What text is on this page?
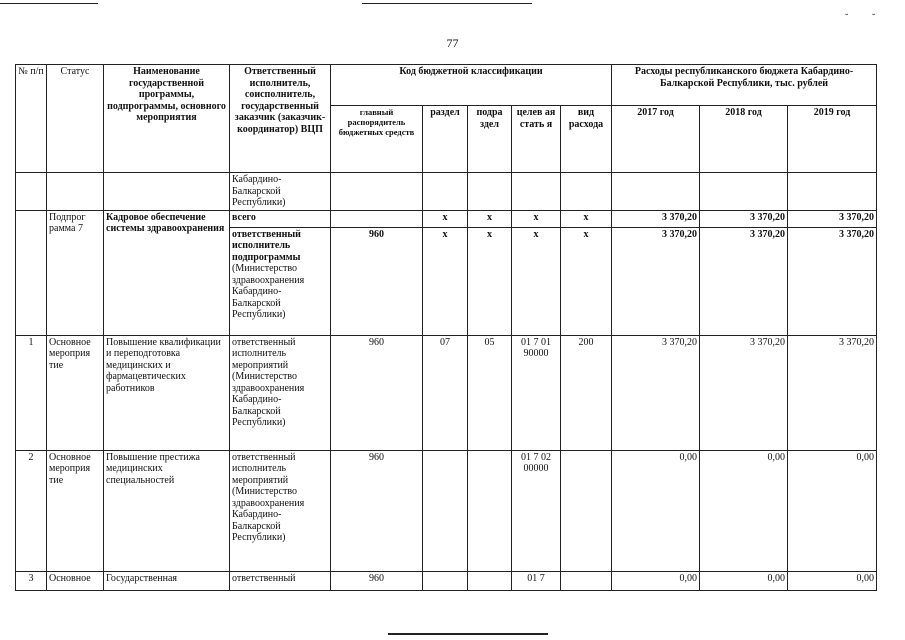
˘ ˘
77
№ п/п	Статус	Наименование государственной программы, подпрограммы, основного мероприятия	Ответственный исполнитель, соисполнитель, государственный заказчик (заказчик-координатор) ВЦП	Код бюджетной классификации					Расходы республиканского бюджета Кабардино-Балкарской Республики, тыс. рублей		
				главный распорядитель бюджетных средств	раздел	подра здел	целев ая стать я	вид расхода	2017 год	2018 год	2019 год
			Кабардино-Балкарской Республики)								
	Подпрог рамма 7	Кадровое обеспечение системы здравоохранения	всего		x	x	x	x	3 370,20	3 370,20	3 370,20
			ответственный исполнитель подпрограммы (Министерство здравоохранения Кабардино-Балкарской Республики)	960	x	x	x	x	3 370,20	3 370,20	3 370,20
1	Основное мероприя тие	Повышение квалификации и переподготовка медицинских и фармацевтических работников	ответственный исполнитель мероприятий (Министерство здравоохранения Кабардино-Балкарской Республики)	960	07	05	01 7 01 90000	200	3 370,20	3 370,20	3 370,20
2	Основное мероприя тие	Повышение престижа медицинских специальностей	ответственный исполнитель мероприятий (Министерство здравоохранения Кабардино-Балкарской Республики)	960			01 7 02 00000		0,00	0,00	0,00
3	Основное	Государственная	ответственный	960			01 7		0,00	0,00	0,00
